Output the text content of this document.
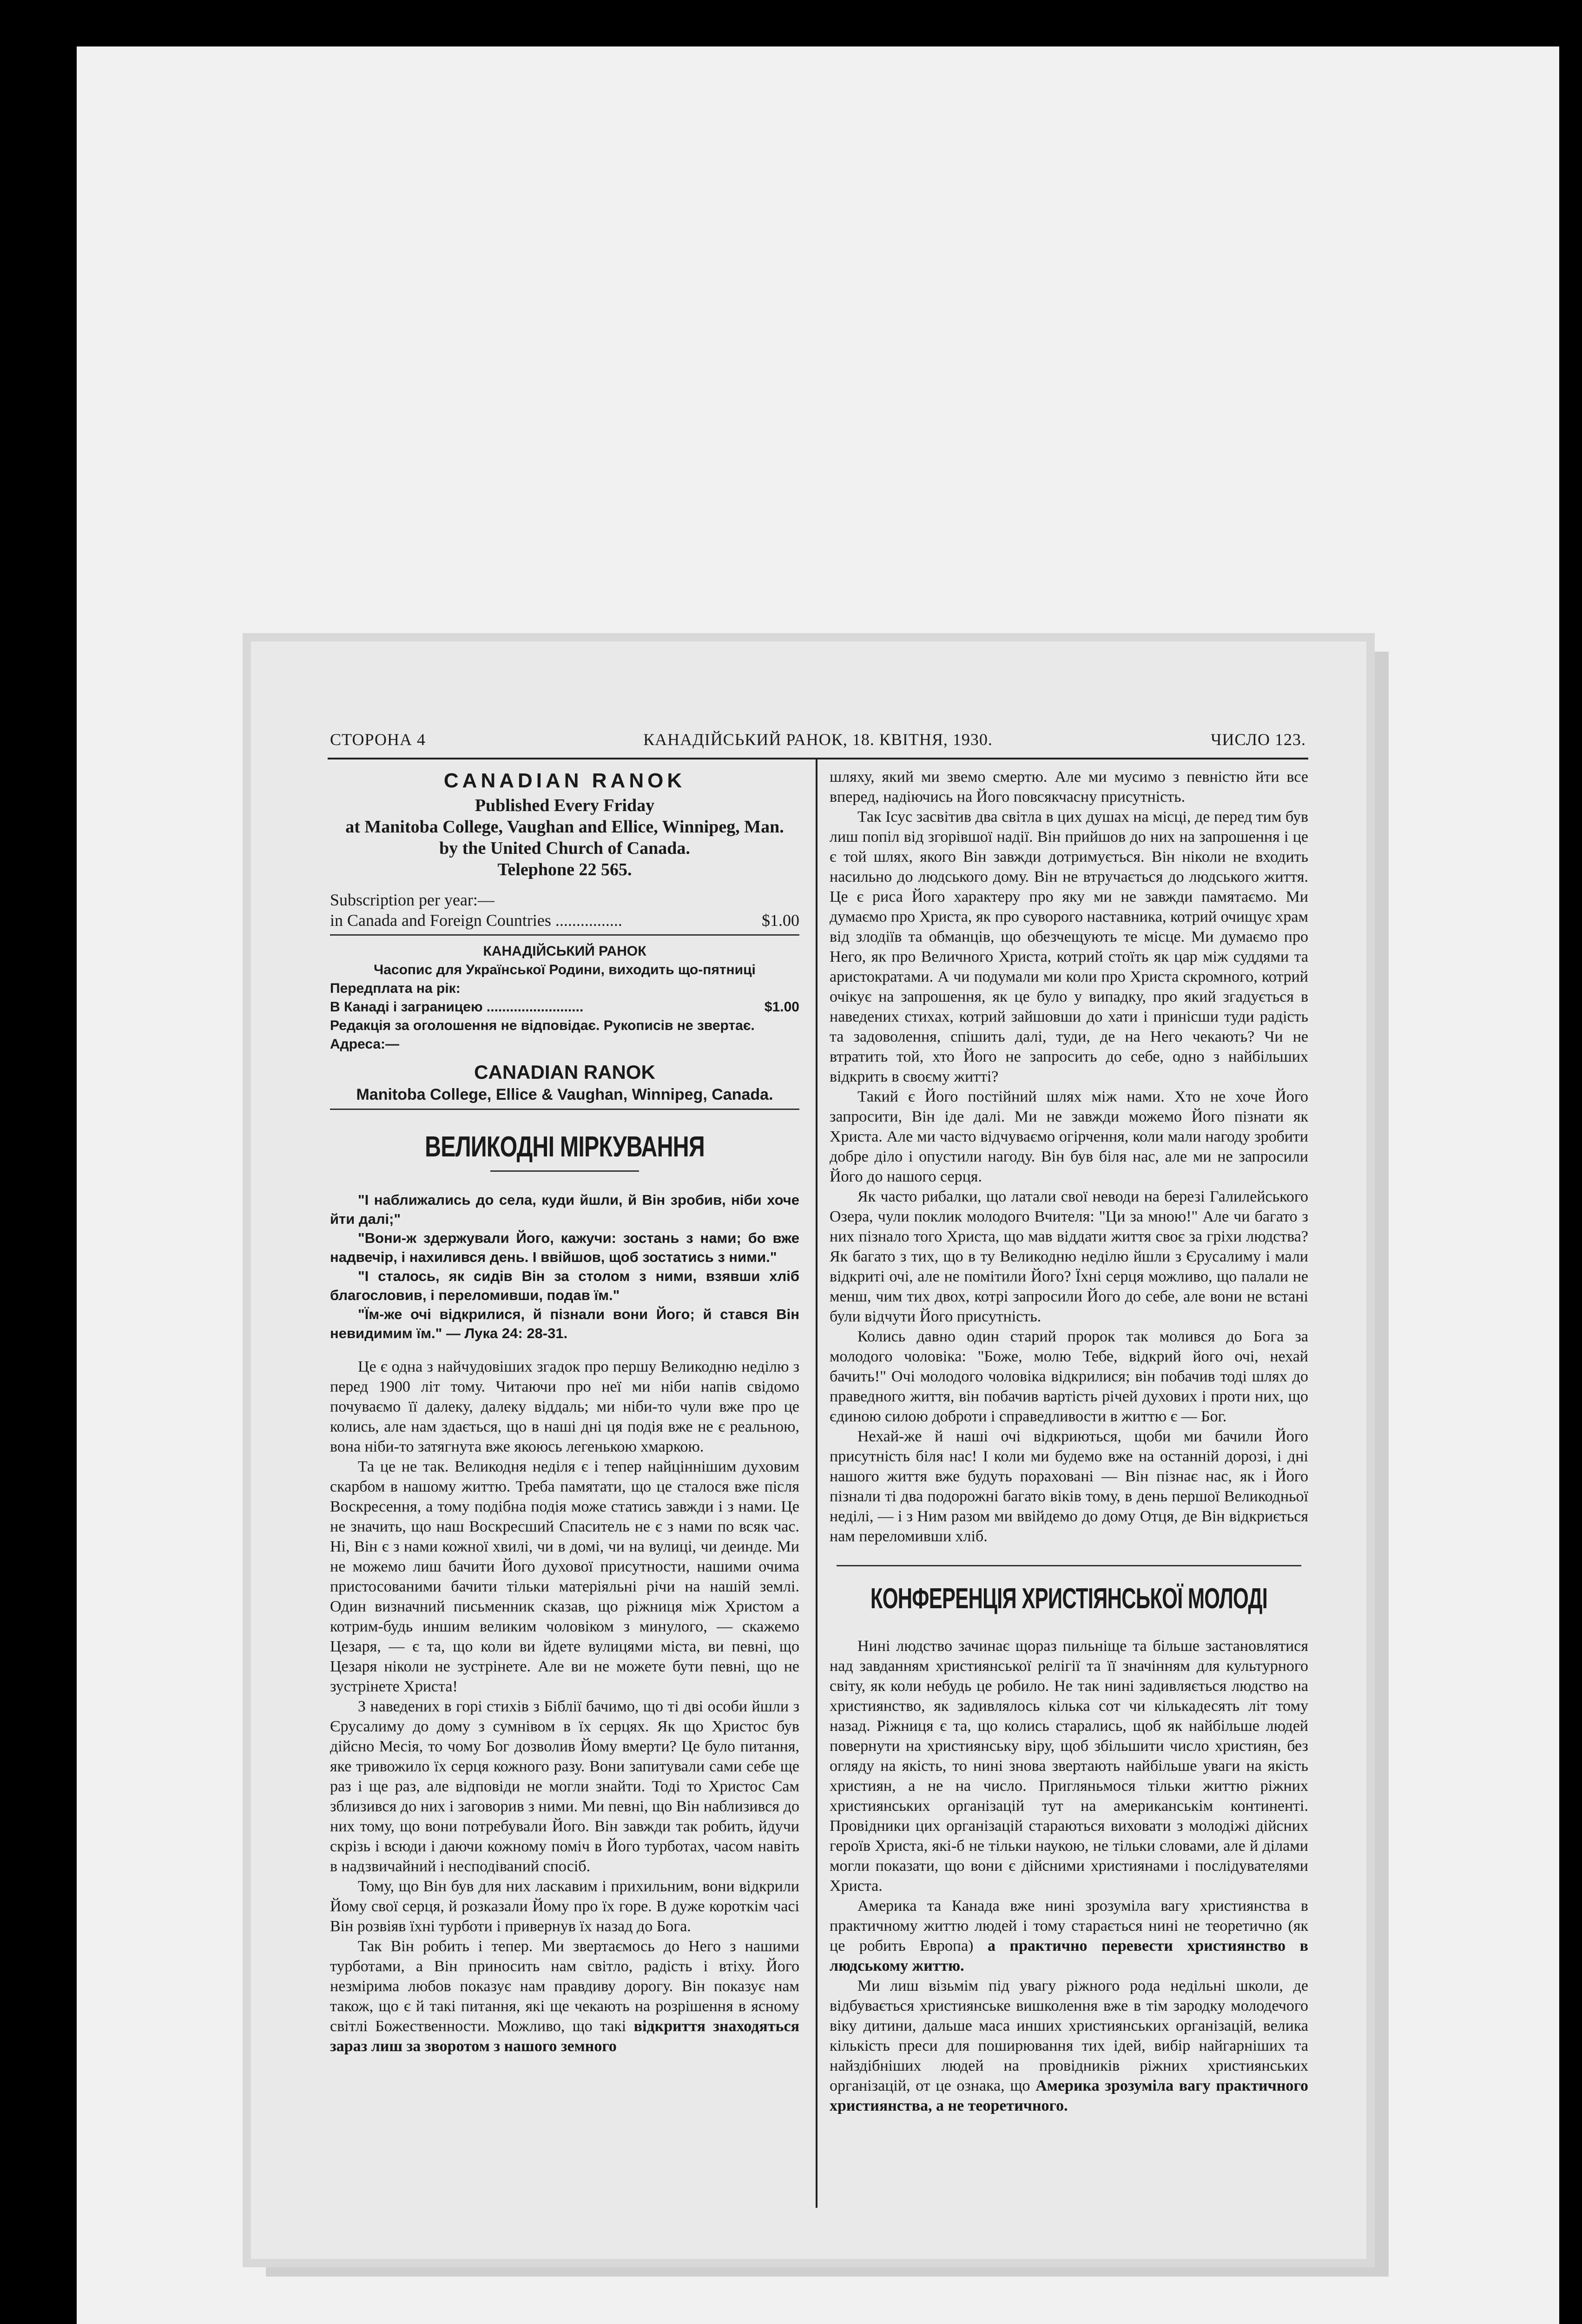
КАНАДІЙСЬКИЙ РАНОК, 18. КВІТНЯ, 1930.
СТОРОНА 4	ЧИСЛО 123.
CANADIAN RANOK
Published Every Friday
at Manitoba College, Vaughan and Ellice, Winnipeg, Man.
by the United Church of Canada.
Telephone 22 565.
Subscription per year:—
in Canada and Foreign Countries ................	$1.00
КАНАДІЙСЬКИЙ РАНОК
Часопис для Української Родини, виходить що-пятниці
Передплата на рік:
В Канаді і заграницею .........................	$1.00
Редакція за оголошення не відповідає. Рукописів не звертає.
Адреса:—
CANADIAN RANOK
Manitoba College, Ellice & Vaughan, Winnipeg, Canada.
ВЕЛИКОДНІ МІРКУВАННЯ

"І наближались до села, куди йшли, й Він зробив, ніби хоче йти далі;"

"Вони-ж здержували Його, кажучи: зостань з нами; бо вже надвечір, і нахилився день. І ввійшов, щоб зостатись з ними."

"І сталось, як сидів Він за столом з ними, взявши хліб благословив, і переломивши, подав їм."

"Їм-же очі відкрилися, й пізнали вони Його; й стався Він невидимим їм." — Лука 24: 28-31.

Це є одна з найчудовіших згадок про першу Великодню неділю з перед 1900 літ тому. Читаючи про неї ми ніби напів свідомо почуваємо її далеку, далеку віддаль; ми ніби-то чули вже про це колись, але нам здається, що в наші дні ця подія вже не є реальною, вона ніби-то затягнута вже якоюсь легенькою хмаркою.

Та це не так. Великодня неділя є і тепер найціннішим духовим скарбом в нашому життю. Треба памятати, що це сталося вже після Воскресення, а тому подібна подія може статись завжди і з нами. Це не значить, що наш Воскресший Спаситель не є з нами по всяк час. Ні, Він є з нами кожної хвилі, чи в домі, чи на вулиці, чи деинде. Ми не можемо лиш бачити Його духової присутности, нашими очима пристосованими бачити тільки матеріяльні річи на нашій землі. Один визначний письменник сказав, що ріжниця між Христом а котрим-будь иншим великим чоловіком з минулого, — скажемо Цезаря, — є та, що коли ви йдете вулицями міста, ви певні, що Цезаря ніколи не зустрінете. Але ви не можете бути певні, що не зустрінете Христа!

З наведених в горі стихів з Біблії бачимо, що ті дві особи йшли з Єрусалиму до дому з сумнівом в їх серцях. Як що Христос був дійсно Месія, то чому Бог дозволив Йому вмерти? Це було питання, яке тривожило їх серця кожного разу. Вони запитували сами себе ще раз і ще раз, але відповіди не могли знайти. Тоді то Христос Сам зблизився до них і заговорив з ними. Ми певні, що Він наблизився до них тому, що вони потребували Його. Він завжди так робить, йдучи скрізь і всюди і даючи кожному поміч в Його турботах, часом навіть в надзвичайний і несподіваний спосіб.

Тому, що Він був для них ласкавим і прихильним, вони відкрили Йому свої серця, й розказали Йому про їх горе. В дуже короткім часі Він розвіяв їхні турботи і привернув їх назад до Бога.

Так Він робить і тепер. Ми звертаємось до Него з нашими турботами, а Він приносить нам світло, радість і втіху. Його незмірима любов показує нам правдиву дорогу. Він показує нам також, що є й такі питання, які ще чекають на розрішення в ясному світлі Божественности. Можливо, що такі відкриття знаходяться зараз лиш за зворотом з нашого земного

шляху, який ми звемо смертю. Але ми мусимо з певністю йти все вперед, надіючись на Його повсякчасну присутність.

Так Ісус засвітив два світла в цих душах на місці, де перед тим був лиш попіл від згорівшої надії. Він прийшов до них на запрошення і це є той шлях, якого Він завжди дотримується. Він ніколи не входить насильно до людського дому. Він не втручається до людського життя. Це є риса Його характеру про яку ми не завжди памятаємо. Ми думаємо про Христа, як про суворого наставника, котрий очищує храм від злодіїв та обманців, що обезчещують те місце. Ми думаємо про Него, як про Величного Христа, котрий стоїть як цар між суддями та аристократами. А чи подумали ми коли про Христа скромного, котрий очікує на запрошення, як це було у випадку, про який згадується в наведених стихах, котрий зайшовши до хати і принісши туди радість та задоволення, спішить далі, туди, де на Него чекають? Чи не втратить той, хто Його не запросить до себе, одно з найбільших відкрить в своєму житті?

Такий є Його постійний шлях між нами. Хто не хоче Його запросити, Він іде далі. Ми не завжди можемо Його пізнати як Христа. Але ми часто відчуваємо огірчення, коли мали нагоду зробити добре діло і опустили нагоду. Він був біля нас, але ми не запросили Його до нашого серця.

Як часто рибалки, що латали свої неводи на березі Галилейського Озера, чули поклик молодого Вчителя: "Ци за мною!" Але чи багато з них пізнало того Христа, що мав віддати життя своє за гріхи людства? Як багато з тих, що в ту Великодню неділю йшли з Єрусалиму і мали відкриті очі, але не помітили Його? Їхні серця можливо, що палали не менш, чим тих двох, котрі запросили Його до себе, але вони не встані були відчути Його присутність.

Колись давно один старий пророк так молився до Бога за молодого чоловіка: "Боже, молю Тебе, відкрий його очі, нехай бачить!" Очі молодого чоловіка відкрилися; він побачив тоді шлях до праведного життя, він побачив вартість річей духових і проти них, що єдиною силою доброти і справедливости в життю є — Бог.

Нехай-же й наші очі відкриються, щоби ми бачили Його присутність біля нас! І коли ми будемо вже на останній дорозі, і дні нашого життя вже будуть пораховані — Він пізнає нас, як і Його пізнали ті два подорожні багато віків тому, в день першої Великодньої неділі, — і з Ним разом ми ввійдемо до дому Отця, де Він відкриється нам переломивши хліб.

КОНФЕРЕНЦІЯ ХРИСТІЯНСЬКОЇ МОЛОДІ

Нині людство зачинає щораз пильніще та більше застановлятися над завданням християнської релігії та її значінням для культурного світу, як коли небудь це робило. Не так нині задивляється людство на християнство, як задивлялось кілька сот чи кількадесять літ тому назад. Ріжниця є та, що колись старались, щоб як найбільше людей повернути на християнську віру, щоб збільшити число християн, без огляду на якість, то нині знова звертають найбільше уваги на якість християн, а не на число. Пригляньмося тільки життю ріжних християнських організацій тут на американськім континенті. Провідники цих організацій стараються виховати з молодіжі дійсних героїв Христа, які-б не тільки наукою, не тільки словами, але й ділами могли показати, що вони є дійсними християнами і послідувателями Христа.

Америка та Канада вже нині зрозуміла вагу християнства в практичному життю людей і тому старається нині не теоретично (як це робить Европа) а практично перевести християнство в людському життю.

Ми лиш візьмім під увагу ріжного рода недільні школи, де відбувається християнське вишколення вже в тім зародку молодечого віку дитини, дальше маса инших християнських організацій, велика кількість преси для поширювання тих ідей, вибір найгарніших та найздібніших людей на провідників ріжних християнських організацій, от це ознака, що Америка зрозуміла вагу практичного християнства, а не теоретичного.
